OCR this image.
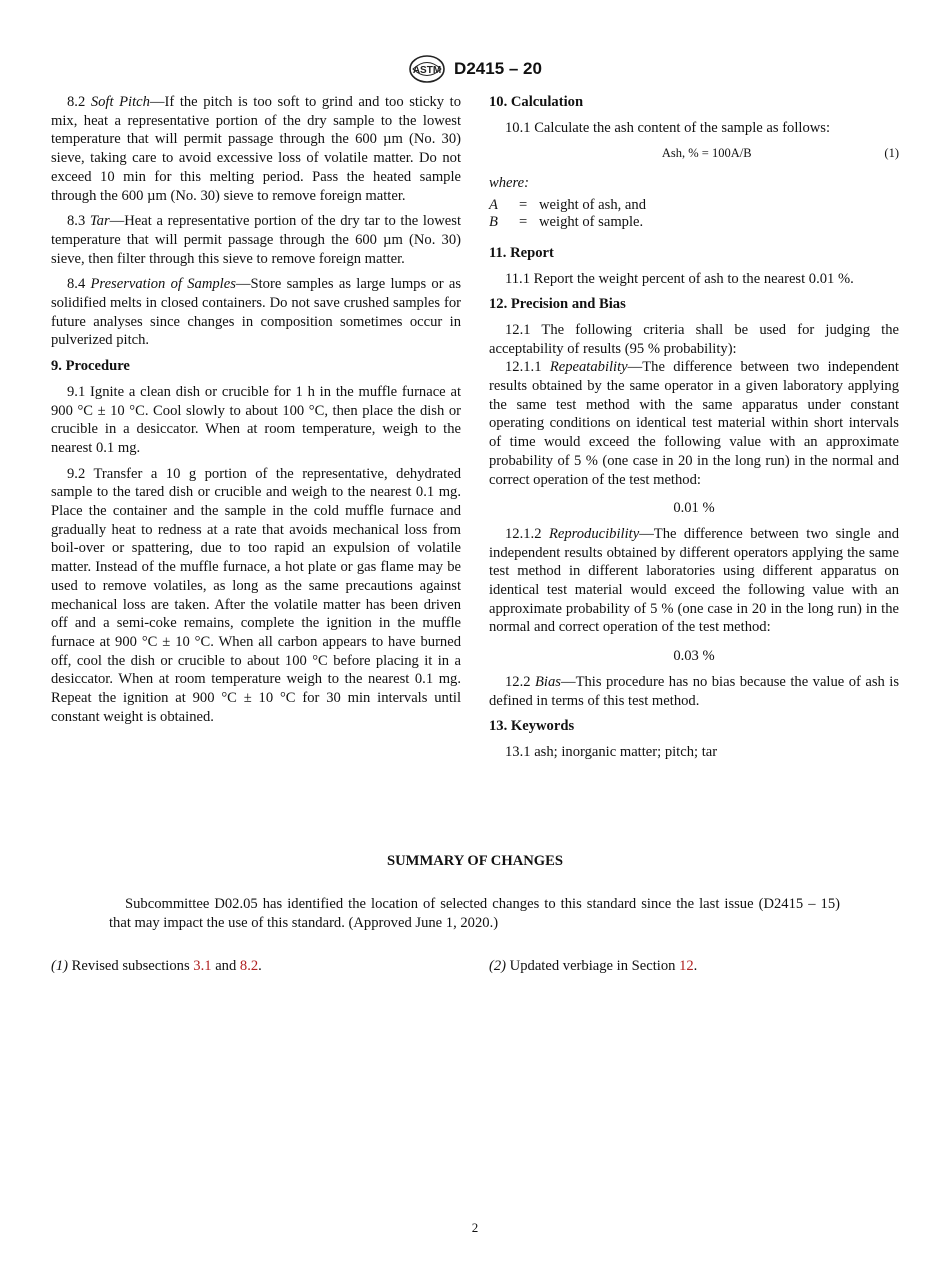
ASTM D2415 – 20

8.2 Soft Pitch—If the pitch is too soft to grind and too sticky to mix, heat a representative portion of the dry sample to the lowest temperature that will permit passage through the 600 µm (No. 30) sieve, taking care to avoid excessive loss of volatile matter. Do not exceed 10 min for this melting period. Pass the heated sample through the 600 µm (No. 30) sieve to remove foreign matter.

8.3 Tar—Heat a representative portion of the dry tar to the lowest temperature that will permit passage through the 600 µm (No. 30) sieve, then filter through this sieve to remove foreign matter.

8.4 Preservation of Samples—Store samples as large lumps or as solidified melts in closed containers. Do not save crushed samples for future analyses since changes in composition sometimes occur in pulverized pitch.

9. Procedure

9.1 Ignite a clean dish or crucible for 1 h in the muffle furnace at 900 °C ± 10 °C. Cool slowly to about 100 °C, then place the dish or crucible in a desiccator. When at room temperature, weigh to the nearest 0.1 mg.

9.2 Transfer a 10 g portion of the representative, dehydrated sample to the tared dish or crucible and weigh to the nearest 0.1 mg. Place the container and the sample in the cold muffle furnace and gradually heat to redness at a rate that avoids mechanical loss from boil-over or spattering, due to too rapid an expulsion of volatile matter. Instead of the muffle furnace, a hot plate or gas flame may be used to remove volatiles, as long as the same precautions against mechanical loss are taken. After the volatile matter has been driven off and a semi-coke remains, complete the ignition in the muffle furnace at 900 °C ± 10 °C. When all carbon appears to have burned off, cool the dish or crucible to about 100 °C before placing it in a desiccator. When at room temperature weigh to the nearest 0.1 mg. Repeat the ignition at 900 °C ± 10 °C for 30 min intervals until constant weight is obtained.

10. Calculation

10.1 Calculate the ash content of the sample as follows:

Ash, % = 100A/B	(1)
where:
A	= weight of ash, and
B	= weight of sample.
11. Report

11.1 Report the weight percent of ash to the nearest 0.01 %.

12. Precision and Bias

12.1 The following criteria shall be used for judging the acceptability of results (95 % probability):

12.1.1 Repeatability—The difference between two independent results obtained by the same operator in a given laboratory applying the same test method with the same apparatus under constant operating conditions on identical test material within short intervals of time would exceed the following value with an approximate probability of 5 % (one case in 20 in the long run) in the normal and correct operation of the test method:

0.01 %

12.1.2 Reproducibility—The difference between two single and independent results obtained by different operators applying the same test method in different laboratories using different apparatus on identical test material would exceed the following value with an approximate probability of 5 % (one case in 20 in the long run) in the normal and correct operation of the test method:

0.03 %

12.2 Bias—This procedure has no bias because the value of ash is defined in terms of this test method.

13. Keywords

13.1 ash; inorganic matter; pitch; tar

SUMMARY OF CHANGES
Subcommittee D02.05 has identified the location of selected changes to this standard since the last issue (D2415 – 15) that may impact the use of this standard. (Approved June 1, 2020.)
(1) Revised subsections 3.1 and 8.2.	(2) Updated verbiage in Section 12.
2
